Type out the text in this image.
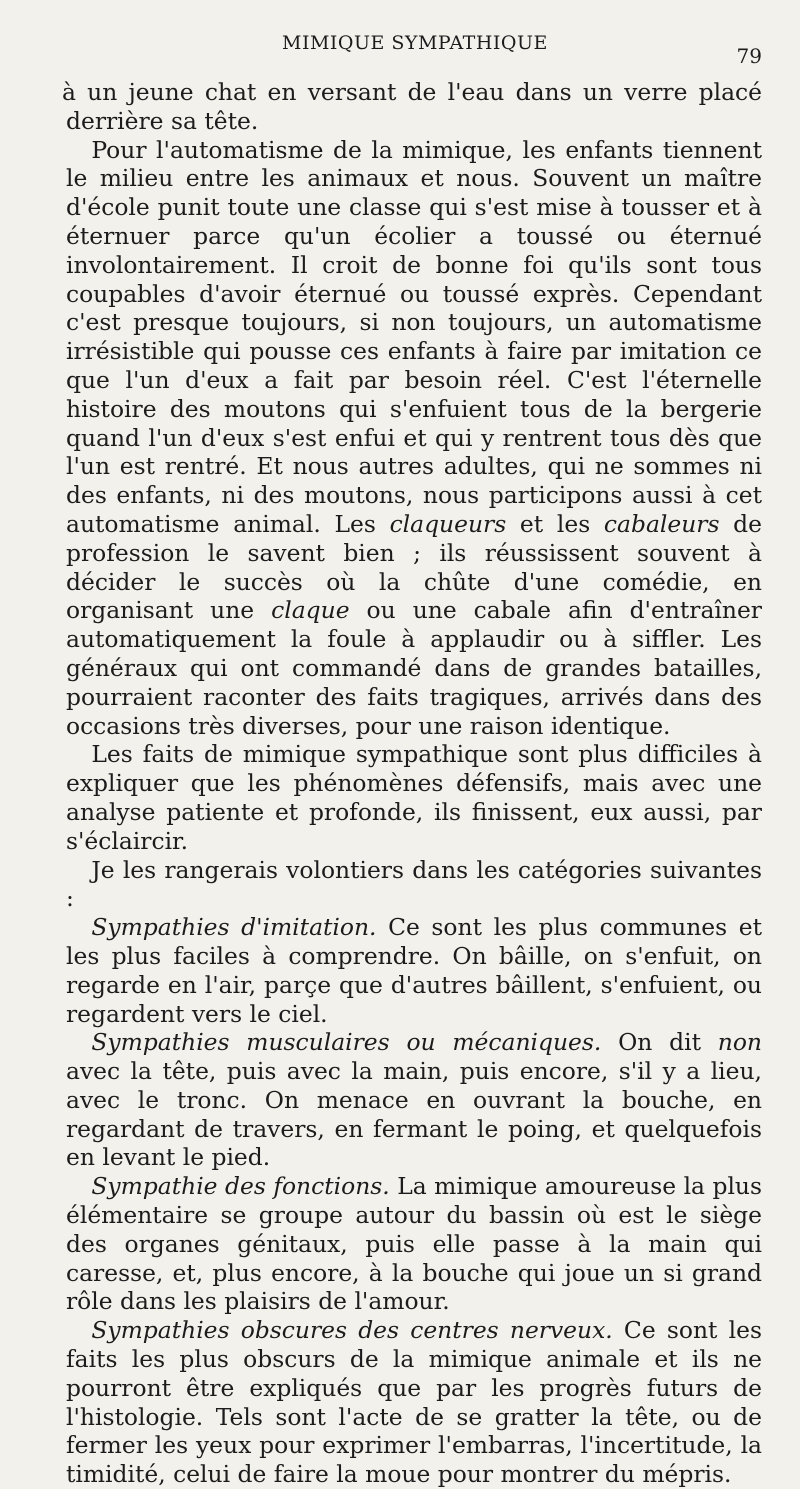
MIMIQUE SYMPATHIQUE
79

à un jeune chat en versant de l'eau dans un verre placé derrière sa tête.

 Pour l'automatisme de la mimique, les enfants tiennent le milieu entre les animaux et nous. Souvent un maître d'école punit toute une classe qui s'est mise à tousser et à éternuer parce qu'un écolier a toussé ou éternué involontairement. Il croit de bonne foi qu'ils sont tous coupables d'avoir éternué ou toussé exprès. Cependant c'est presque toujours, si non toujours, un automatisme irrésistible qui pousse ces enfants à faire par imitation ce que l'un d'eux a fait par besoin réel. C'est l'éternelle histoire des moutons qui s'enfuient tous de la bergerie quand l'un d'eux s'est enfui et qui y rentrent tous dès que l'un est rentré. Et nous autres adultes, qui ne sommes ni des enfants, ni des moutons, nous participons aussi à cet automatisme animal. Les claqueurs et les cabaleurs de profession le savent bien ; ils réussissent souvent à décider le succès où la chûte d'une comédie, en organisant une claque ou une cabale afin d'entraîner automatiquement la foule à applaudir ou à siffler. Les généraux qui ont commandé dans de grandes batailles, pourraient raconter des faits tragiques, arrivés dans des occasions très diverses, pour une raison identique.

 Les faits de mimique sympathique sont plus difficiles à expliquer que les phénomènes défensifs, mais avec une analyse patiente et profonde, ils finissent, eux aussi, par s'éclaircir.

 Je les rangerais volontiers dans les catégories suivantes :

 Sympathies d'imitation. Ce sont les plus communes et les plus faciles à comprendre. On bâille, on s'enfuit, on regarde en l'air, parçe que d'autres bâillent, s'enfuient, ou regardent vers le ciel.

 Sympathies musculaires ou mécaniques. On dit non avec la tête, puis avec la main, puis encore, s'il y a lieu, avec le tronc. On menace en ouvrant la bouche, en regardant de travers, en fermant le poing, et quelquefois en levant le pied.

 Sympathie des fonctions. La mimique amoureuse la plus élémentaire se groupe autour du bassin où est le siège des organes génitaux, puis elle passe à la main qui caresse, et, plus encore, à la bouche qui joue un si grand rôle dans les plaisirs de l'amour.

 Sympathies obscures des centres nerveux. Ce sont les faits les plus obscurs de la mimique animale et ils ne pourront être expliqués que par les progrès futurs de l'histologie. Tels sont l'acte de se gratter la tête, ou de fermer les yeux pour exprimer l'embarras, l'incertitude, la timidité, celui de faire la moue pour montrer du mépris.
